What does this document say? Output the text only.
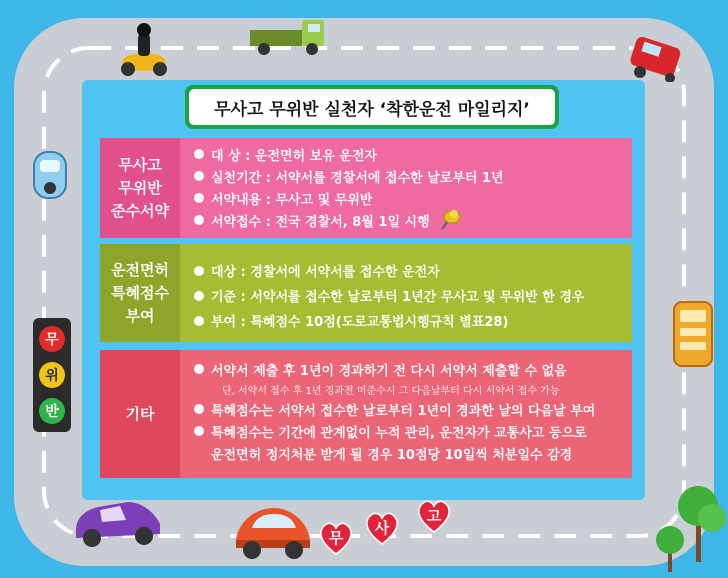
무사고 무위반 실천자 ‘착한운전 마일리지’
무사고
무위반
준수서약
대 상 : 운전면허 보유 운전자
실천기간 : 서약서를 경찰서에 접수한 날로부터 1년
서약내용 : 무사고 및 무위반
서약접수 : 전국 경찰서, 8월 1일 시행
운전면허
특혜점수
부여
대상 : 경찰서에 서약서를 접수한 운전자
기준 : 서약서를 접수한 날로부터 1년간 무사고 및 무위반 한 경우
부여 : 특혜점수 10점(도로교통법시행규칙 별표28)
기타
서약서 제출 후 1년이 경과하기 전 다시 서약서 제출할 수 없음
단, 서약서 접수 후 1년 경과전 미준수시 그 다음날부터 다시 서약서 접수 가능
특혜점수는 서약서 접수한 날로부터 1년이 경과한 날의 다음날 부여
특혜점수는 기간에 관계없이 누적 관리, 운전자가 교통사고 등으로
운전면허 정지처분 받게 될 경우 10점당 10일씩 처분일수 감경
무
위
반
무
사
고
